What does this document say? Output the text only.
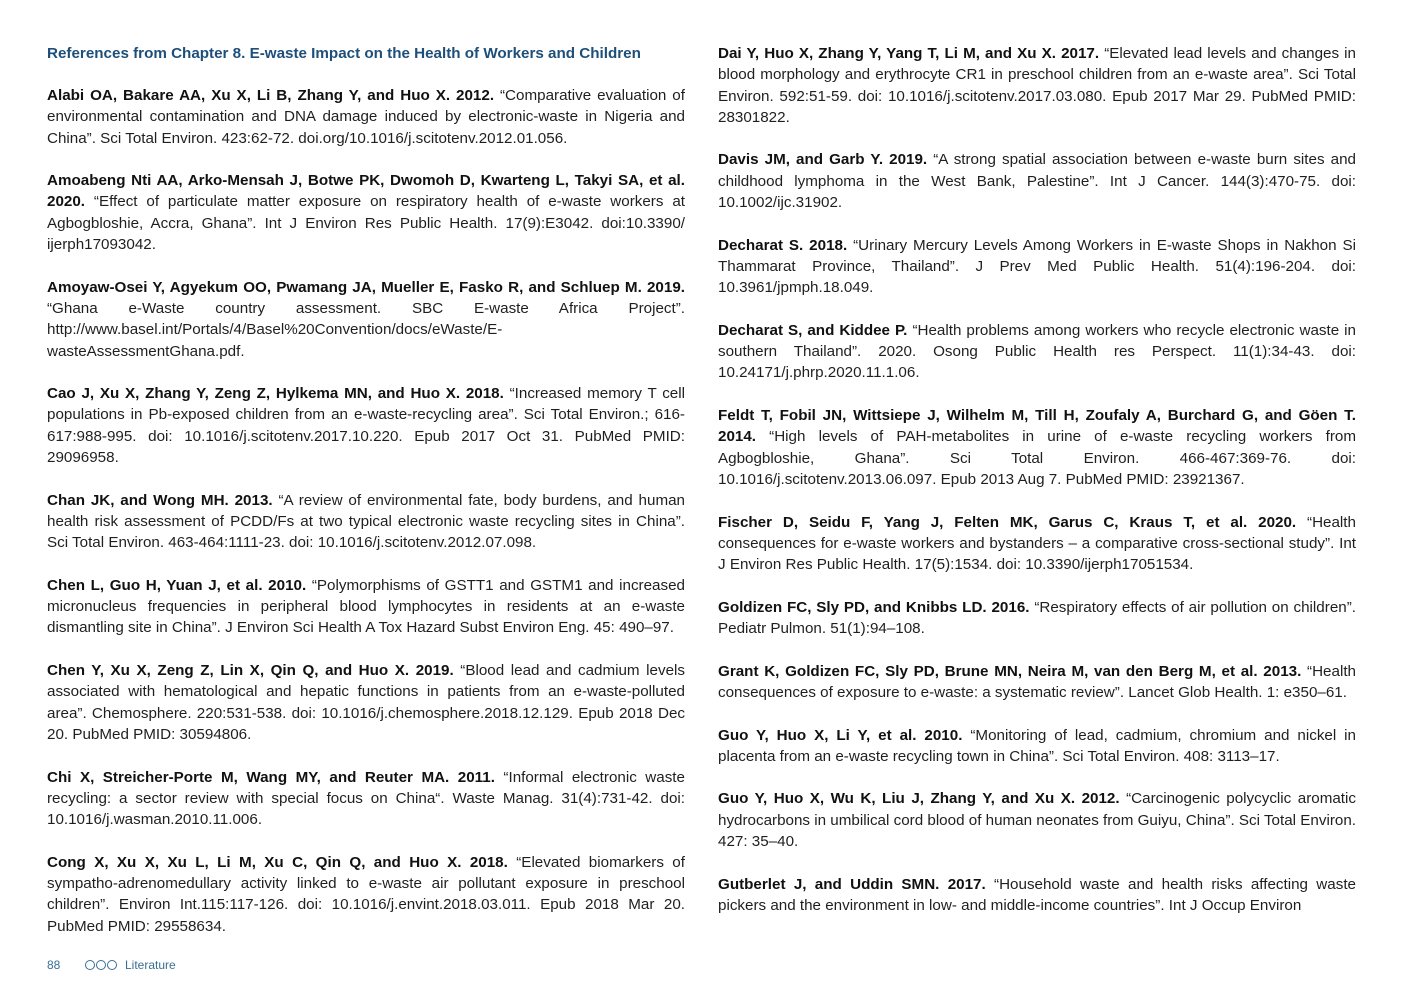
References from Chapter 8. E-waste Impact on the Health of Workers and Children

Alabi OA, Bakare AA, Xu X, Li B, Zhang Y, and Huo X. 2012. “Comparative evaluation of environmental contamination and DNA damage induced by electronic-waste in Nigeria and China”. Sci Total Environ. 423:62-72. doi.org/10.1016/j.scitotenv.2012.01.056.

Amoabeng Nti AA, Arko-Mensah J, Botwe PK, Dwomoh D, Kwarteng L, Takyi SA, et al. 2020. “Effect of particulate matter exposure on respiratory health of e-waste workers at Agbogbloshie, Accra, Ghana”. Int J Environ Res Public Health. 17(9):E3042. doi:10.3390/ ijerph17093042.

Amoyaw-Osei Y, Agyekum OO, Pwamang JA, Mueller E, Fasko R, and Schluep M. 2019. “Ghana e-Waste country assessment. SBC E-waste Africa Project”. http://www.basel.int/Portals/4/Basel%20Convention/docs/eWaste/E-wasteAssessmentGhana.pdf.

Cao J, Xu X, Zhang Y, Zeng Z, Hylkema MN, and Huo X. 2018. “Increased memory T cell populations in Pb-exposed children from an e-waste-recycling area”. Sci Total Environ.; 616-617:988-995. doi: 10.1016/j.scitotenv.2017.10.220. Epub 2017 Oct 31. PubMed PMID: 29096958.

Chan JK, and Wong MH. 2013. “A review of environmental fate, body burdens, and human health risk assessment of PCDD/Fs at two typical electronic waste recycling sites in China”. Sci Total Environ. 463-464:1111-23. doi: 10.1016/j.scitotenv.2012.07.098.

Chen L, Guo H, Yuan J, et al. 2010. “Polymorphisms of GSTT1 and GSTM1 and increased micronucleus frequencies in peripheral blood lymphocytes in residents at an e-waste dismantling site in China”. J Environ Sci Health A Tox Hazard Subst Environ Eng. 45: 490–97.

Chen Y, Xu X, Zeng Z, Lin X, Qin Q, and Huo X. 2019. “Blood lead and cadmium levels associated with hematological and hepatic functions in patients from an e-waste-polluted area”. Chemosphere. 220:531-538. doi: 10.1016/j.chemosphere.2018.12.129. Epub 2018 Dec 20. PubMed PMID: 30594806.

Chi X, Streicher-Porte M, Wang MY, and Reuter MA. 2011. “Informal electronic waste recycling: a sector review with special focus on China“. Waste Manag. 31(4):731-42. doi: 10.1016/j.wasman.2010.11.006.

Cong X, Xu X, Xu L, Li M, Xu C, Qin Q, and Huo X. 2018. “Elevated biomarkers of sympatho-adrenomedullary activity linked to e-waste air pollutant exposure in preschool children”. Environ Int.115:117-126. doi: 10.1016/j.envint.2018.03.011. Epub 2018 Mar 20. PubMed PMID: 29558634.

Dai Y, Huo X, Zhang Y, Yang T, Li M, and Xu X. 2017. “Elevated lead levels and changes in blood morphology and erythrocyte CR1 in preschool children from an e-waste area”. Sci Total Environ. 592:51-59. doi: 10.1016/j.scitotenv.2017.03.080. Epub 2017 Mar 29. PubMed PMID: 28301822.

Davis JM, and Garb Y. 2019. “A strong spatial association between e-waste burn sites and childhood lymphoma in the West Bank, Palestine”. Int J Cancer. 144(3):470-75. doi: 10.1002/ijc.31902.

Decharat S. 2018. “Urinary Mercury Levels Among Workers in E-waste Shops in Nakhon Si Thammarat Province, Thailand”. J Prev Med Public Health. 51(4):196-204. doi: 10.3961/jpmph.18.049.

Decharat S, and Kiddee P. “Health problems among workers who recycle electronic waste in southern Thailand”. 2020. Osong Public Health res Perspect. 11(1):34-43. doi: 10.24171/j.phrp.2020.11.1.06.

Feldt T, Fobil JN, Wittsiepe J, Wilhelm M, Till H, Zoufaly A, Burchard G, and Göen T. 2014. “High levels of PAH-metabolites in urine of e-waste recycling workers from Agbogbloshie, Ghana”. Sci Total Environ. 466-467:369-76. doi: 10.1016/j.scitotenv.2013.06.097. Epub 2013 Aug 7. PubMed PMID: 23921367.

Fischer D, Seidu F, Yang J, Felten MK, Garus C, Kraus T, et al. 2020. “Health consequences for e-waste workers and bystanders – a comparative cross-sectional study”. Int J Environ Res Public Health. 17(5):1534. doi: 10.3390/ijerph17051534.

Goldizen FC, Sly PD, and Knibbs LD. 2016. “Respiratory effects of air pollution on children”. Pediatr Pulmon. 51(1):94–108.

Grant K, Goldizen FC, Sly PD, Brune MN, Neira M, van den Berg M, et al. 2013. “Health consequences of exposure to e-waste: a systematic review”. Lancet Glob Health. 1: e350–61.

Guo Y, Huo X, Li Y, et al. 2010. “Monitoring of lead, cadmium, chromium and nickel in placenta from an e-waste recycling town in China”. Sci Total Environ. 408: 3113–17.

Guo Y, Huo X, Wu K, Liu J, Zhang Y, and Xu X. 2012. “Carcinogenic polycyclic aromatic hydrocarbons in umbilical cord blood of human neonates from Guiyu, China”. Sci Total Environ. 427: 35–40.

Gutberlet J, and Uddin SMN. 2017. “Household waste and health risks affecting waste pickers and the environment in low- and middle-income countries”. Int J Occup Environ

88	Literature
